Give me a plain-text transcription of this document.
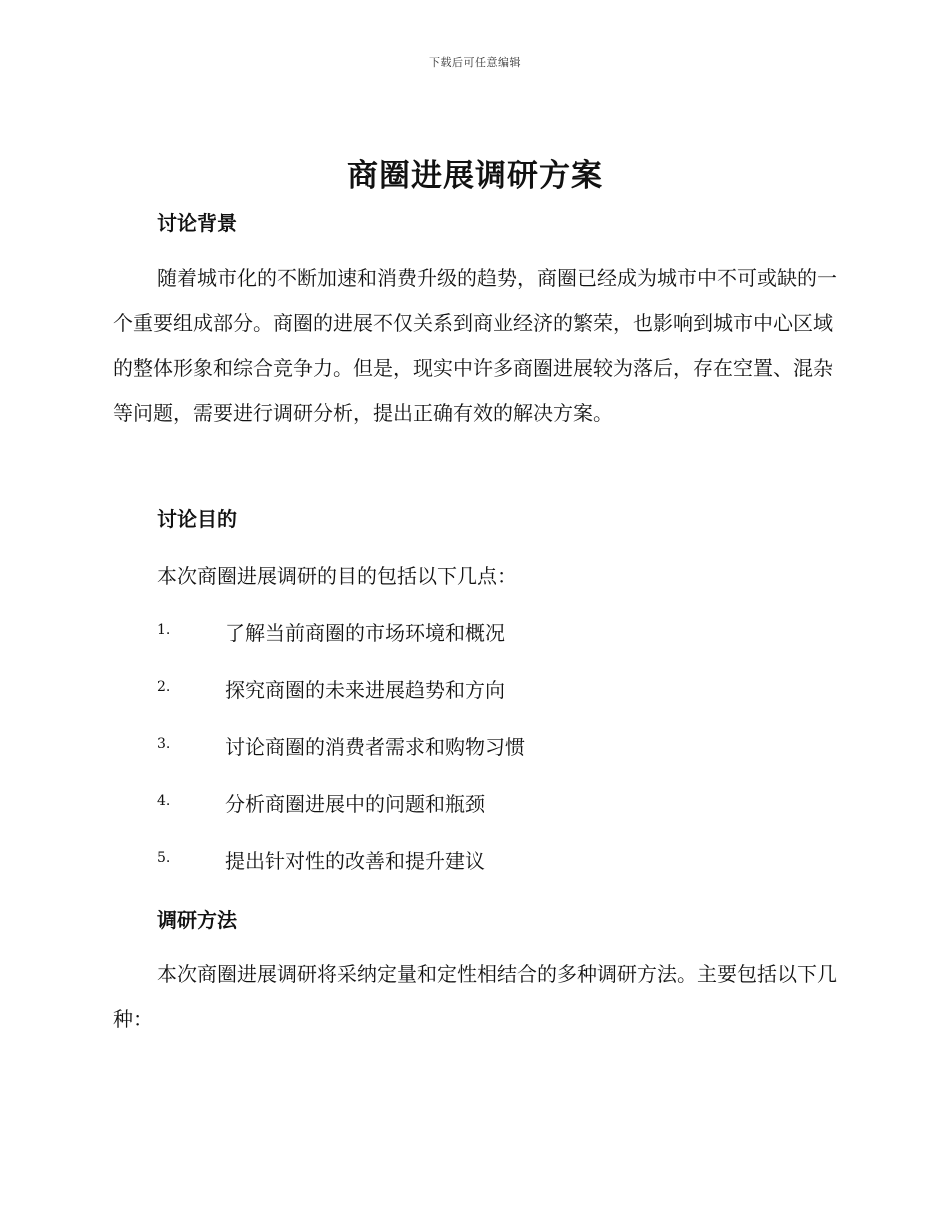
下载后可任意编辑
商圈进展调研方案
讨论背景
随着城市化的不断加速和消费升级的趋势，商圈已经成为城市中不可或缺的一个重要组成部分。商圈的进展不仅关系到商业经济的繁荣，也影响到城市中心区域的整体形象和综合竞争力。但是，现实中许多商圈进展较为落后，存在空置、混杂等问题，需要进行调研分析，提出正确有效的解决方案。
讨论目的
本次商圈进展调研的目的包括以下几点：
1.	了解当前商圈的市场环境和概况
2.	探究商圈的未来进展趋势和方向
3.	讨论商圈的消费者需求和购物习惯
4.	分析商圈进展中的问题和瓶颈
5.	提出针对性的改善和提升建议
调研方法
本次商圈进展调研将采纳定量和定性相结合的多种调研方法。主要包括以下几种：
